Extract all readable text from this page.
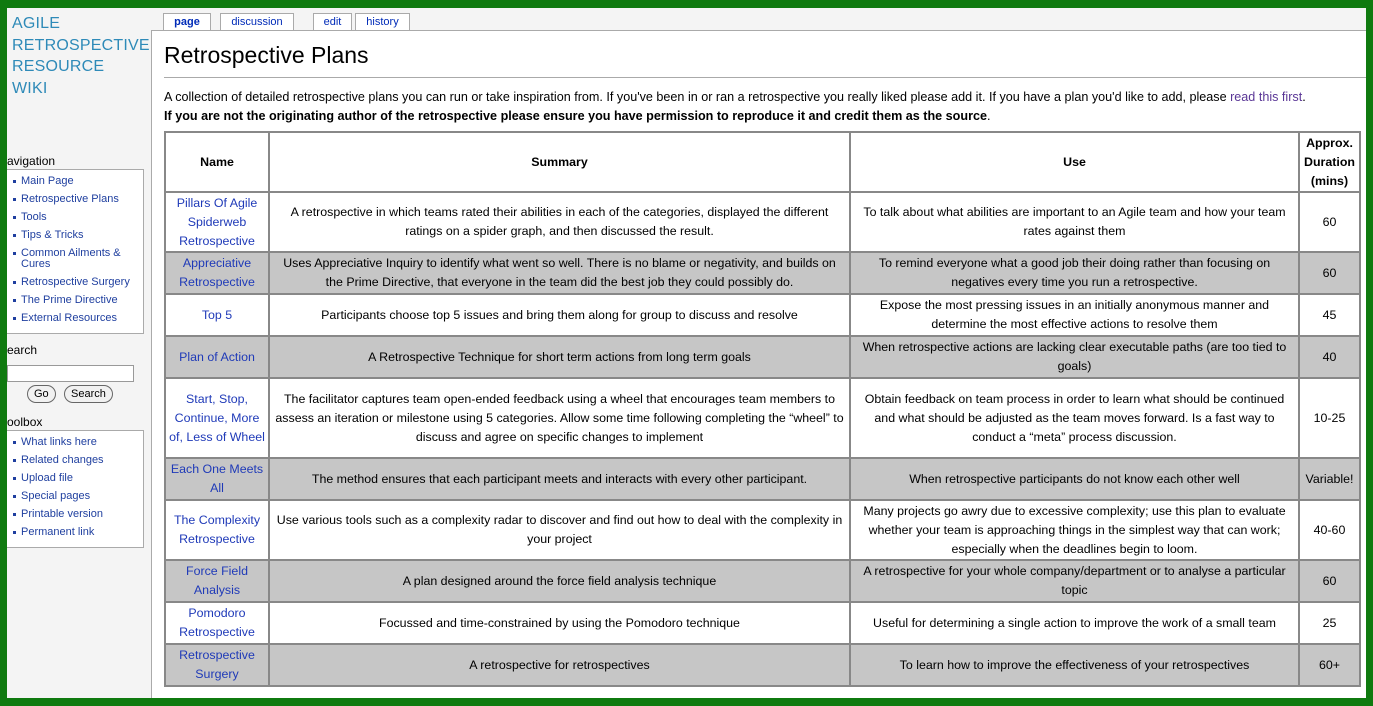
AGILE
RETROSPECTIVE
RESOURCE
WIKI
avigation
Main Page
Retrospective Plans
Tools
Tips & Tricks
Common Ailments &
Cures
Retrospective Surgery
The Prime Directive
External Resources
earch
Go	Search
oolbox
What links here
Related changes
Upload file
Special pages
Printable version
Permanent link
page	discussion	edit	history
Retrospective Plans
A collection of detailed retrospective plans you can run or take inspiration from. If you've been in or ran a retrospective you really liked please add it. If you have a plan you'd like to add, please read this first.
If you are not the originating author of the retrospective please ensure you have permission to reproduce it and credit them as the source.
Name	Summary	Use	Approx. Duration (mins)
Pillars Of Agile Spiderweb Retrospective	A retrospective in which teams rated their abilities in each of the categories, displayed the different ratings on a spider graph, and then discussed the result.	To talk about what abilities are important to an Agile team and how your team rates against them	60
Appreciative Retrospective	Uses Appreciative Inquiry to identify what went so well. There is no blame or negativity, and builds on the Prime Directive, that everyone in the team did the best job they could possibly do.	To remind everyone what a good job their doing rather than focusing on negatives every time you run a retrospective.	60
Top 5	Participants choose top 5 issues and bring them along for group to discuss and resolve	Expose the most pressing issues in an initially anonymous manner and determine the most effective actions to resolve them	45
Plan of Action	A Retrospective Technique for short term actions from long term goals	When retrospective actions are lacking clear executable paths (are too tied to goals)	40
Start, Stop, Continue, More of, Less of Wheel	The facilitator captures team open-ended feedback using a wheel that encourages team members to assess an iteration or milestone using 5 categories. Allow some time following completing the “wheel” to discuss and agree on specific changes to implement	Obtain feedback on team process in order to learn what should be continued and what should be adjusted as the team moves forward. Is a fast way to conduct a “meta” process discussion.	10-25
Each One Meets All	The method ensures that each participant meets and interacts with every other participant.	When retrospective participants do not know each other well	Variable!
The Complexity Retrospective	Use various tools such as a complexity radar to discover and find out how to deal with the complexity in your project	Many projects go awry due to excessive complexity; use this plan to evaluate whether your team is approaching things in the simplest way that can work; especially when the deadlines begin to loom.	40-60
Force Field Analysis	A plan designed around the force field analysis technique	A retrospective for your whole company/department or to analyse a particular topic	60
Pomodoro Retrospective	Focussed and time-constrained by using the Pomodoro technique	Useful for determining a single action to improve the work of a small team	25
Retrospective Surgery	A retrospective for retrospectives	To learn how to improve the effectiveness of your retrospectives	60+
